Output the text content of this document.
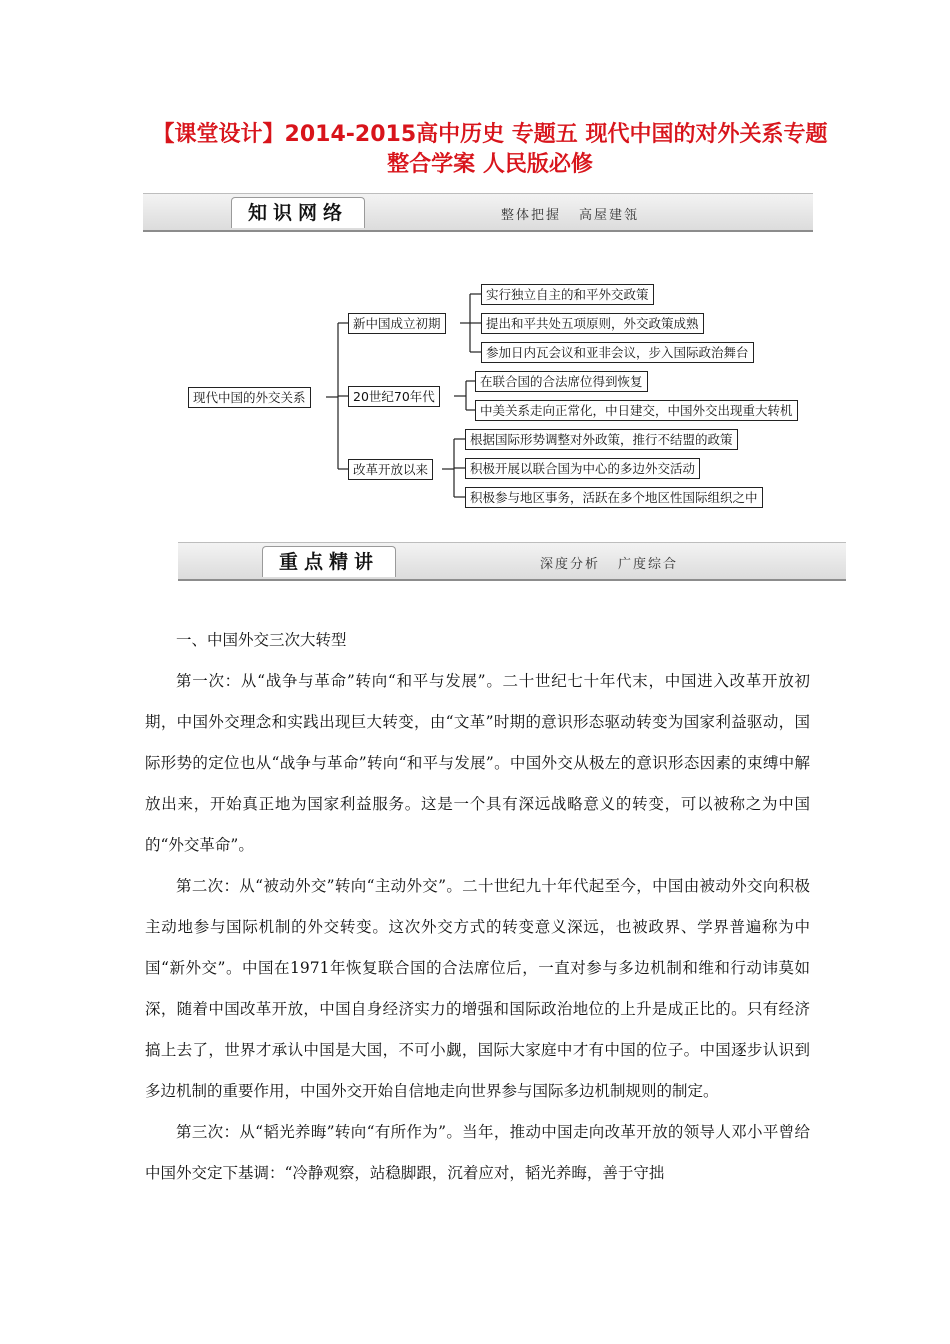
【课堂设计】2014-2015高中历史 专题五 现代中国的对外关系专题整合学案 人民版必修
知识网络	整体把握 高屋建瓴
现代中国的外交关系
新中国成立初期
20世纪70年代
改革开放以来
实行独立自主的和平外交政策
提出和平共处五项原则，外交政策成熟
参加日内瓦会议和亚非会议，步入国际政治舞台
在联合国的合法席位得到恢复
中美关系走向正常化，中日建交，中国外交出现重大转机
根据国际形势调整对外政策，推行不结盟的政策
积极开展以联合国为中心的多边外交活动
积极参与地区事务，活跃在多个地区性国际组织之中
重点精讲	深度分析 广度综合
一、中国外交三次大转型

第一次：从“战争与革命”转向“和平与发展”。二十世纪七十年代末，中国进入改革开放初期，中国外交理念和实践出现巨大转变，由“文革”时期的意识形态驱动转变为国家利益驱动，国际形势的定位也从“战争与革命”转向“和平与发展”。中国外交从极左的意识形态因素的束缚中解放出来，开始真正地为国家利益服务。这是一个具有深远战略意义的转变，可以被称之为中国的“外交革命”。

第二次：从“被动外交”转向“主动外交”。二十世纪九十年代起至今，中国由被动外交向积极主动地参与国际机制的外交转变。这次外交方式的转变意义深远，也被政界、学界普遍称为中国“新外交”。中国在1971年恢复联合国的合法席位后，一直对参与多边机制和维和行动讳莫如深，随着中国改革开放，中国自身经济实力的增强和国际政治地位的上升是成正比的。只有经济搞上去了，世界才承认中国是大国，不可小觑，国际大家庭中才有中国的位子。中国逐步认识到多边机制的重要作用，中国外交开始自信地走向世界参与国际多边机制规则的制定。

第三次：从“韬光养晦”转向“有所作为”。当年，推动中国走向改革开放的领导人邓小平曾给中国外交定下基调：“冷静观察，站稳脚跟，沉着应对，韬光养晦，善于守拙
